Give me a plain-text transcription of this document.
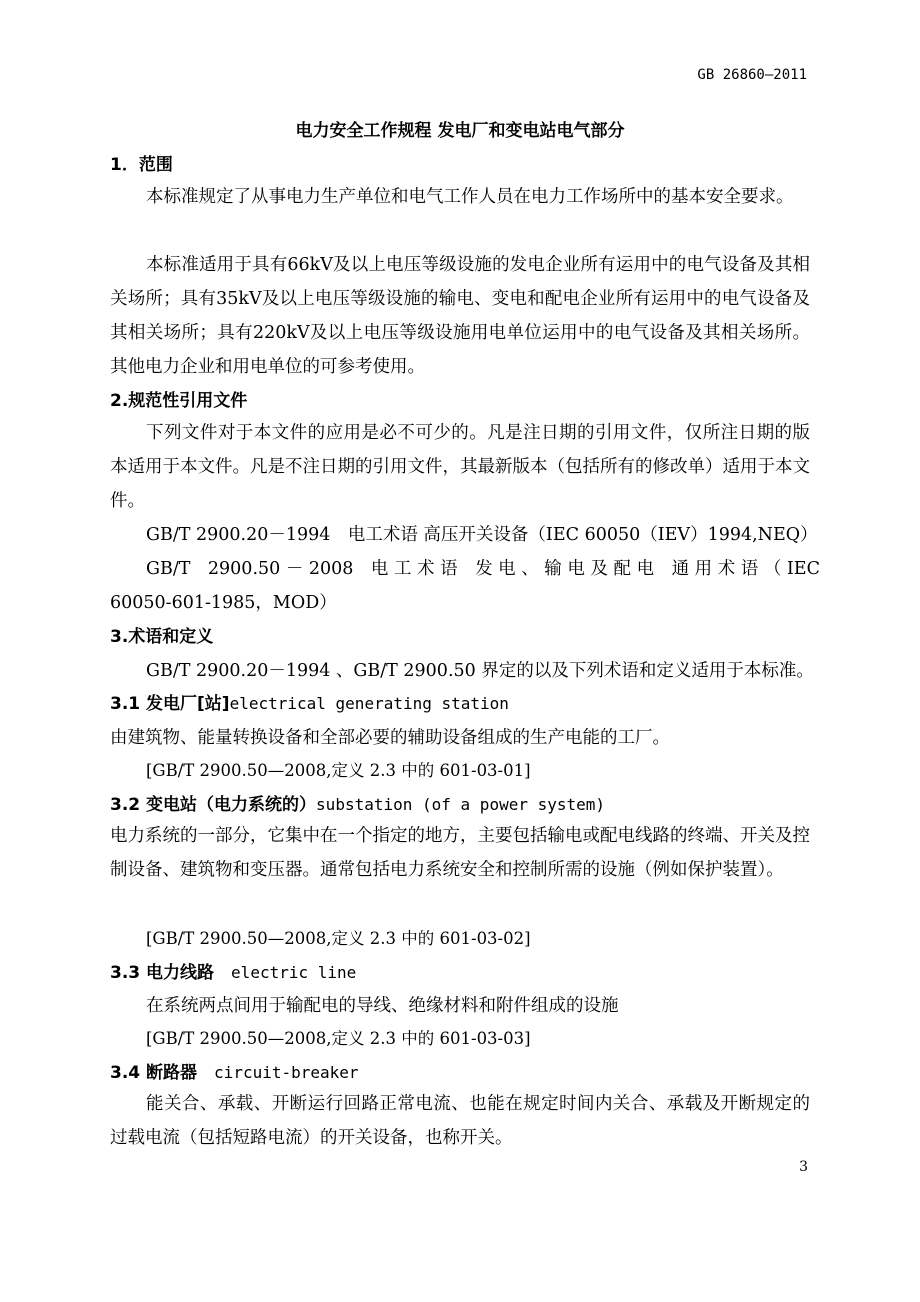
GB 26860—2011
电力安全工作规程 发电厂和变电站电气部分
1．范围
本标准规定了从事电力生产单位和电气工作人员在电力工作场所中的基本安全要求。
本标准适用于具有66kV及以上电压等级设施的发电企业所有运用中的电气设备及其相关场所；具有35kV及以上电压等级设施的输电、变电和配电企业所有运用中的电气设备及其相关场所；具有220kV及以上电压等级设施用电单位运用中的电气设备及其相关场所。其他电力企业和用电单位的可参考使用。
2.规范性引用文件
下列文件对于本文件的应用是必不可少的。凡是注日期的引用文件，仅所注日期的版本适用于本文件。凡是不注日期的引用文件，其最新版本（包括所有的修改单）适用于本文件。
GB/T 2900.20－1994　电工术语 高压开关设备（IEC 60050（IEV）1994,NEQ）
GB/T　2900.50 － 2008　电 工 术 语　发 电 、 输 电 及 配 电　通 用 术 语 （ IEC
60050-601-1985，MOD）
3.术语和定义
GB/T 2900.20－1994 、GB/T 2900.50 界定的以及下列术语和定义适用于本标准。
3.1 发电厂[站]electrical generating station
由建筑物、能量转换设备和全部必要的辅助设备组成的生产电能的工厂。
[GB/T 2900.50—2008,定义 2.3 中的 601-03-01]
3.2 变电站（电力系统的）substation (of a power system)
电力系统的一部分，它集中在一个指定的地方，主要包括输电或配电线路的终端、开关及控制设备、建筑物和变压器。通常包括电力系统安全和控制所需的设施（例如保护装置）。
[GB/T 2900.50—2008,定义 2.3 中的 601-03-02]
3.3 电力线路　 electric line
在系统两点间用于输配电的导线、绝缘材料和附件组成的设施
[GB/T 2900.50—2008,定义 2.3 中的 601-03-03]
3.4 断路器　 circuit-breaker
能关合、承载、开断运行回路正常电流、也能在规定时间内关合、承载及开断规定的过载电流（包括短路电流）的开关设备，也称开关。
3
